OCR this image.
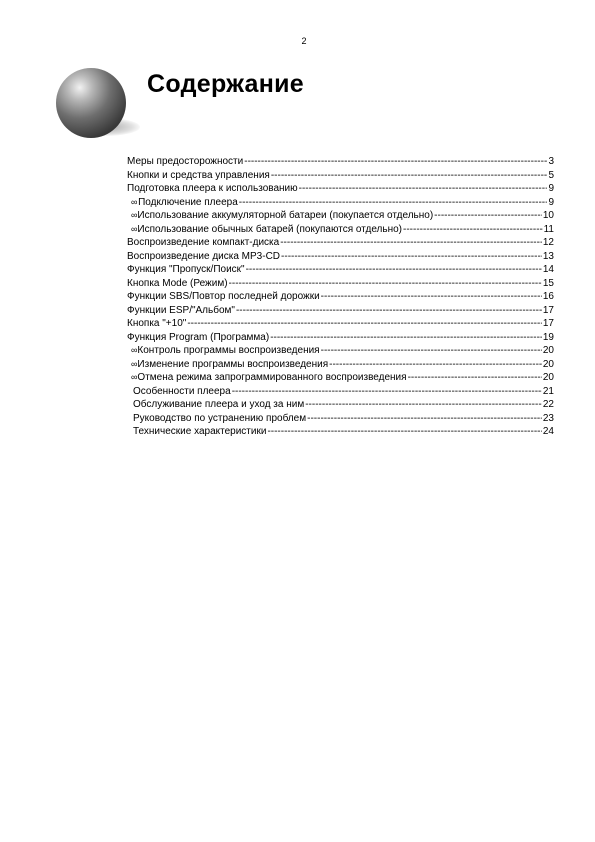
2
Содержание
Меры предосторожности -----	3
Кнопки и средства управления -----	5
Подготовка плеера к использованию -----	9
∞ Подключение плеера -----	9
∞ Использование аккумуляторной батареи (покупается отдельно) -----	10
∞ Использование обычных батарей (покупаются отдельно) -----	11
Воспроизведение компакт-диска -----	12
Воспроизведение диска MP3-CD -----	13
Функция "Пропуск/Поиск" -----	14
Кнопка Mode (Режим) -----	15
Функции SBS/Повтор последней дорожки -----	16
Функции ESP/"Альбом" -----	17
Кнопка "+10" -----	17
Функция Program (Программа) -----	19
∞ Контроль программы воспроизведения -----	20
∞ Изменение программы воспроизведения -----	20
∞ Отмена режима запрограммированного воспроизведения -----	20
Особенности плеера -----	21
Обслуживание плеера и уход за ним -----	22
Руководство по устранению проблем -----	23
Технические характеристики -----	24
